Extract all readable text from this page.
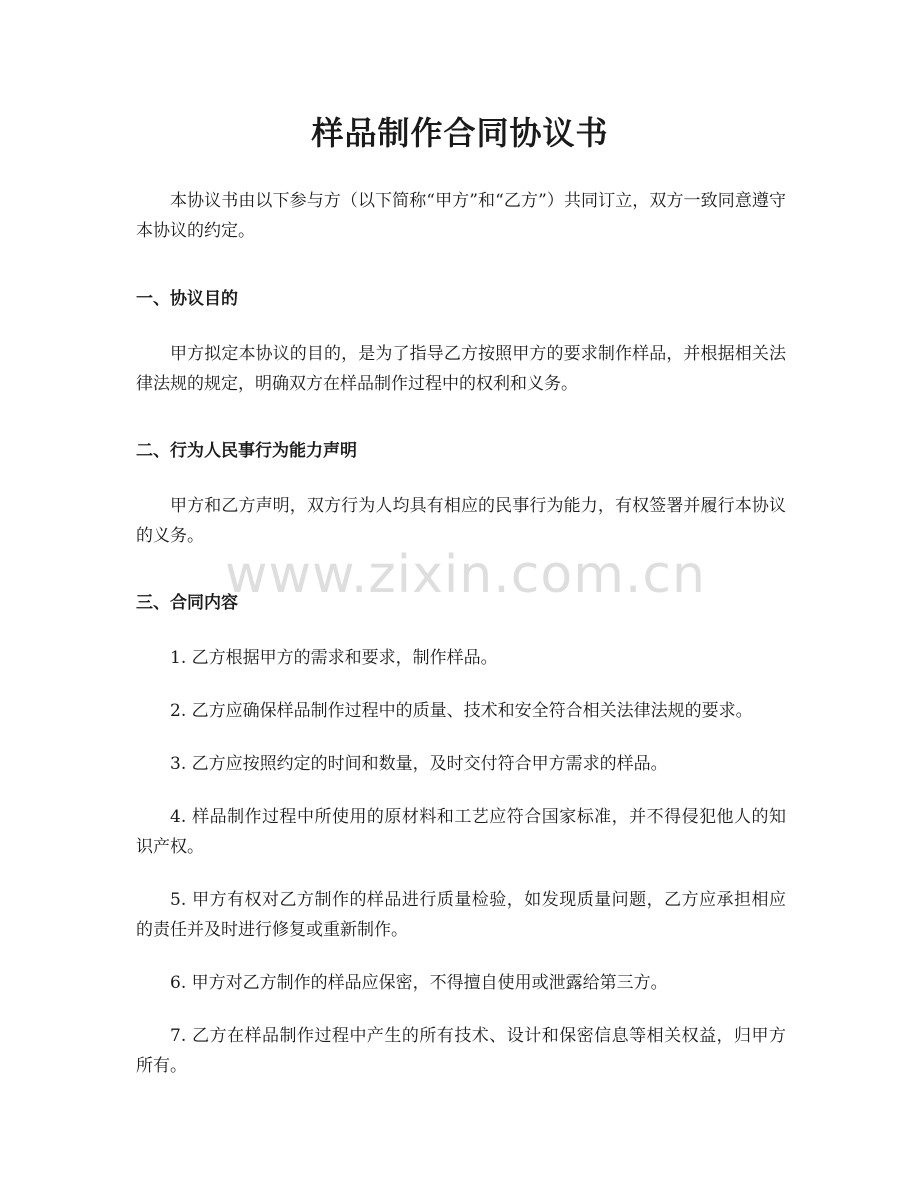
样品制作合同协议书

本协议书由以下参与方（以下简称“甲方”和“乙方”）共同订立，双方一致同意遵守本协议的约定。

一、协议目的

甲方拟定本协议的目的，是为了指导乙方按照甲方的要求制作样品，并根据相关法律法规的规定，明确双方在样品制作过程中的权利和义务。

二、行为人民事行为能力声明

甲方和乙方声明，双方行为人均具有相应的民事行为能力，有权签署并履行本协议的义务。

三、合同内容

1. 乙方根据甲方的需求和要求，制作样品。

2. 乙方应确保样品制作过程中的质量、技术和安全符合相关法律法规的要求。

3. 乙方应按照约定的时间和数量，及时交付符合甲方需求的样品。

4. 样品制作过程中所使用的原材料和工艺应符合国家标准，并不得侵犯他人的知识产权。

5. 甲方有权对乙方制作的样品进行质量检验，如发现质量问题，乙方应承担相应的责任并及时进行修复或重新制作。

6. 甲方对乙方制作的样品应保密，不得擅自使用或泄露给第三方。

7. 乙方在样品制作过程中产生的所有技术、设计和保密信息等相关权益，归甲方所有。

www.zixin.com.cn
